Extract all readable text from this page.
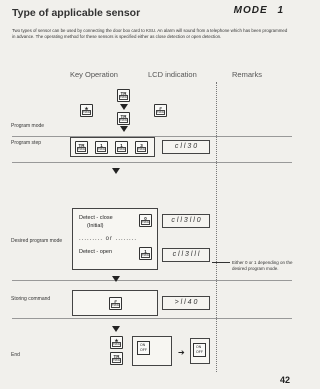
Type of applicable sensor	MODE 1
Two types of sensor can be used by connecting the door box card to KSU. An alarm will sound from a telephone which has been programmed in advance. The operating method for these sensors is specified either as close detection or open detection.
Key Operation	LCD indication	Remarks
Program mode
TR
TRNG
★
TRNG
TR
TRNG
#
TRNG
Program step	TR
TRNG
1
TRNG
1
TRNG
3
TRNG	c l l 3 0
Desired program mode
Detect - close
(Initial)
0
TRNG
......... or ........
Detect - open	1
TRNG
c l l 3 l l 0
c l l 3 l l l
Either 0 or 1 depending on the desired program mode.
Storing command	#
TRNG	> l l 4 0
End
★
TRNG
TR
TRNG
ON
OFF	➔
ON
OFF
42
